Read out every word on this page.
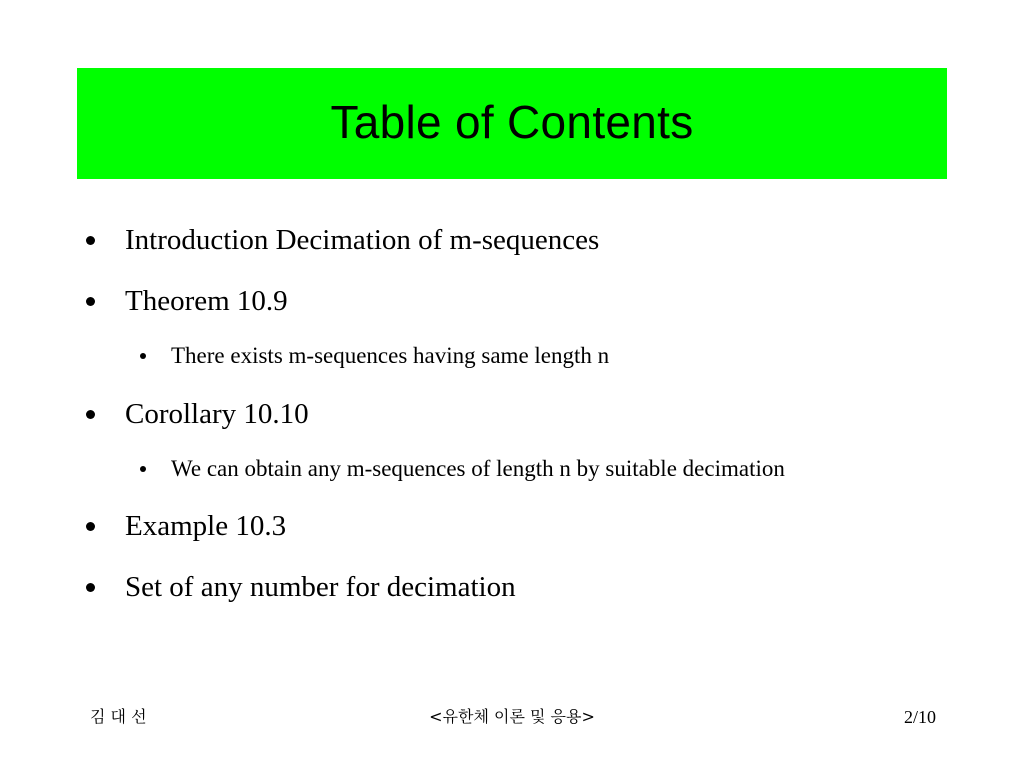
Table of Contents
Introduction Decimation of m-sequences
Theorem 10.9
There exists m-sequences having same length n
Corollary 10.10
We can obtain any m-sequences of length n by suitable decimation
Example 10.3
Set of any number for decimation
김 대 선	<유한체 이론 및 응용>	2/10
